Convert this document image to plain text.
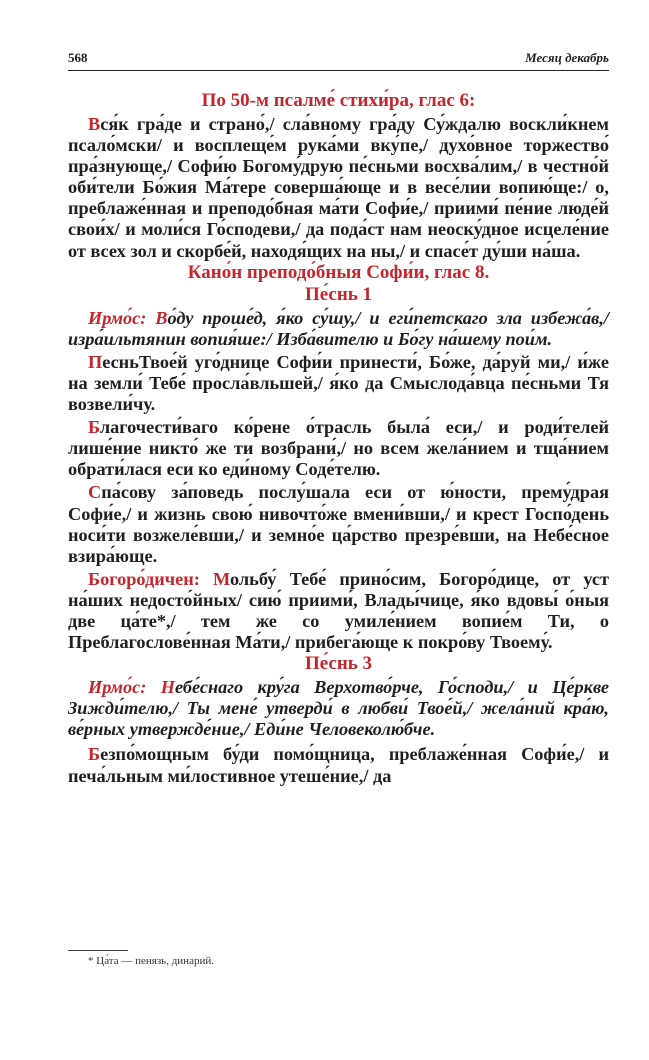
568	Месяц декабрь
По 50-м псалме́ стихи́ра, глас 6:

Вся́к гра́де и страно́,/ сла́вному гра́ду Су́ждалю воскли́кнем псало́мски/ и восплеще́м рука́ми вку́пе,/ духо́вное торжество́ пра́знующе,/ Софи́ю Богому́друю пе́сньми восхва́лим,/ в честно́й оби́тели Бо́жия Ма́тере соверша́юще и в весе́лии вопию́ще:/ о, преблаже́нная и преподо́бная ма́ти Софи́е,/ приими́ пе́ние люде́й свои́х/ и моли́ся Го́сподеви,/ да пода́ст нам неоску́дное исцеле́ние от всех зол и скорбе́й, находя́щих на ны,/ и спасе́т ду́ши на́ша.

Кано́н преподо́бныя Софи́и, глас 8.
Пе́снь 1

Ирмо́с: Во́ду проше́д, я́ко су́шу,/ и еги́петскаго зла избежа́в,/ изра́ильтянин вопия́ше:/ Изба́вителю и Бо́гу на́шему пои́м.

ПесньТвое́й уго́днице Софи́и принести́, Бо́же, да́руй ми,/ и́же на земли́ Тебе́ просла́вльшей,/ я́ко да Смыслода́вца пе́сньми Тя возвели́чу.

Благочести́ваго ко́рене о́трасль была́ еси,/ и роди́телей лише́ние никто́ же ти возбрани́,/ но всем жела́нием и тща́нием обрати́лася еси ко еди́ному Соде́телю.

Спа́сову за́поведь послу́шала еси от ю́ности, прему́драя Софи́е,/ и жизнь свою́ нивочто́же вмени́вши,/ и крест Госпо́день носи́ти возжеле́вши,/ и земно́е ца́рство презре́вши, на Небе́сное взира́юще.

Богоро́дичен: Мольбу́ Тебе́ прино́сим, Богоро́дице, от уст на́ших недосто́йных/ сию́ приими́, Влады́чице, я́ко вдовы́ о́ныя две ца́те*,/ тем же со умиле́нием вопие́м Ти, о Преблагослове́нная Ма́ти,/ прибега́юще к покро́ву Твоему́.

Пе́снь 3

Ирмо́с: Небе́снаго кру́га Верхотво́рче, Го́споди,/ и Це́ркве Зижди́телю,/ Ты мене́ утверди́ в любви́ Твое́й,/ жела́ний кра́ю, ве́рных утвержде́ние,/ Еди́не Человеколю́бче.

Безпо́мощным бу́ди помо́щница, преблаже́нная Софи́е,/ и печа́льным ми́лостивное утеше́ние,/ да

* Ца́та — пенязь, динарий.
